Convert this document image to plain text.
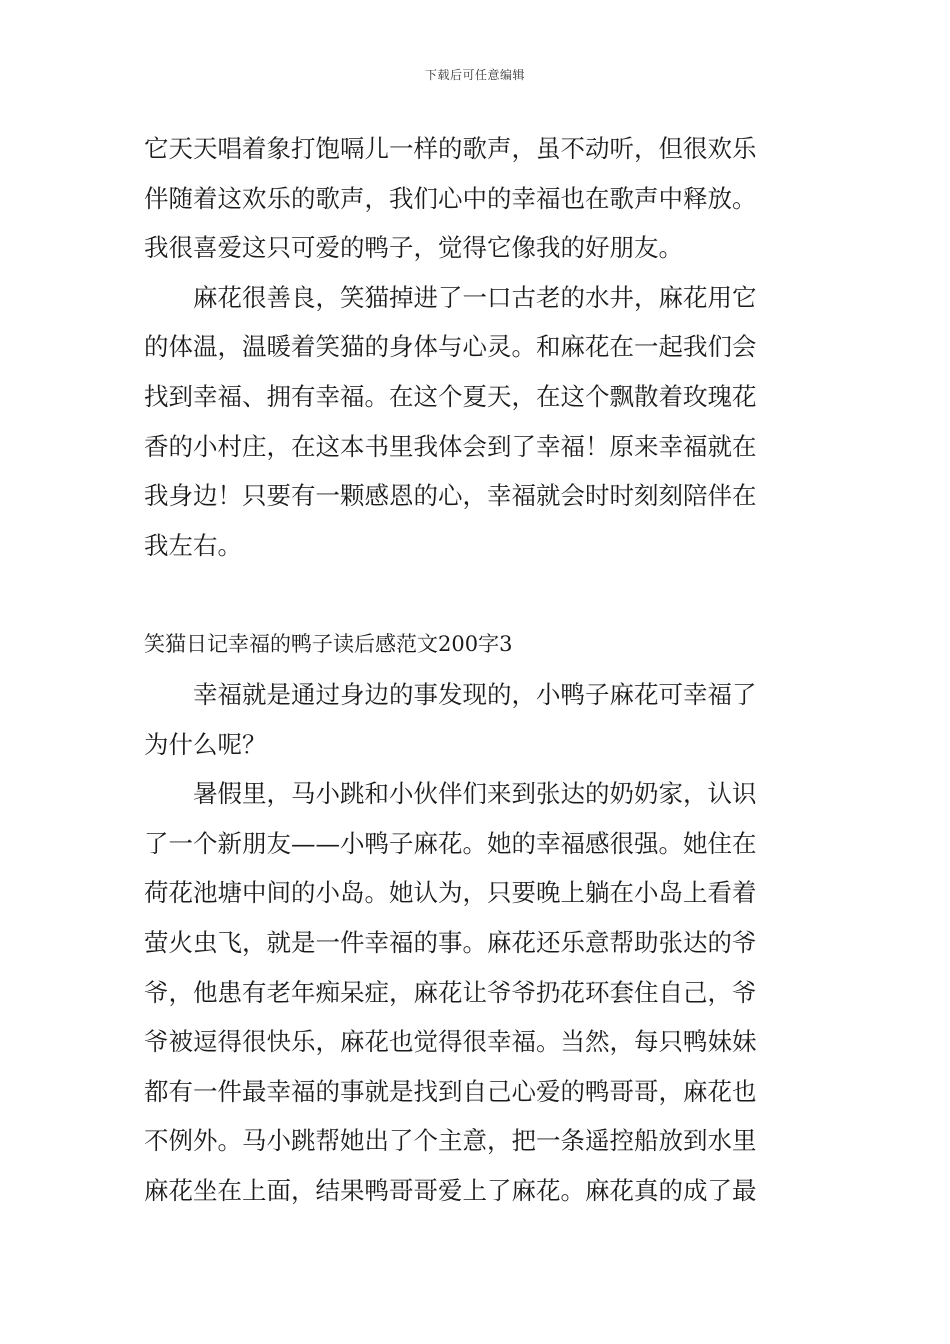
下载后可任意编辑
它天天唱着象打饱嗝儿一样的歌声，虽不动听，但很欢乐
伴随着这欢乐的歌声，我们心中的幸福也在歌声中释放。
我很喜爱这只可爱的鸭子，觉得它像我的好朋友。
麻花很善良，笑猫掉进了一口古老的水井，麻花用它
的体温，温暖着笑猫的身体与心灵。和麻花在一起我们会
找到幸福、拥有幸福。在这个夏天，在这个飘散着玫瑰花
香的小村庄，在这本书里我体会到了幸福！原来幸福就在
我身边！只要有一颗感恩的心，幸福就会时时刻刻陪伴在
我左右。
笑猫日记幸福的鸭子读后感范文200字3
幸福就是通过身边的事发现的，小鸭子麻花可幸福了
为什么呢？
暑假里，马小跳和小伙伴们来到张达的奶奶家，认识
了一个新朋友——小鸭子麻花。她的幸福感很强。她住在
荷花池塘中间的小岛。她认为，只要晚上躺在小岛上看着
萤火虫飞，就是一件幸福的事。麻花还乐意帮助张达的爷
爷，他患有老年痴呆症，麻花让爷爷扔花环套住自己，爷
爷被逗得很快乐，麻花也觉得很幸福。当然，每只鸭妹妹
都有一件最幸福的事就是找到自己心爱的鸭哥哥，麻花也
不例外。马小跳帮她出了个主意，把一条遥控船放到水里
麻花坐在上面，结果鸭哥哥爱上了麻花。麻花真的成了最
